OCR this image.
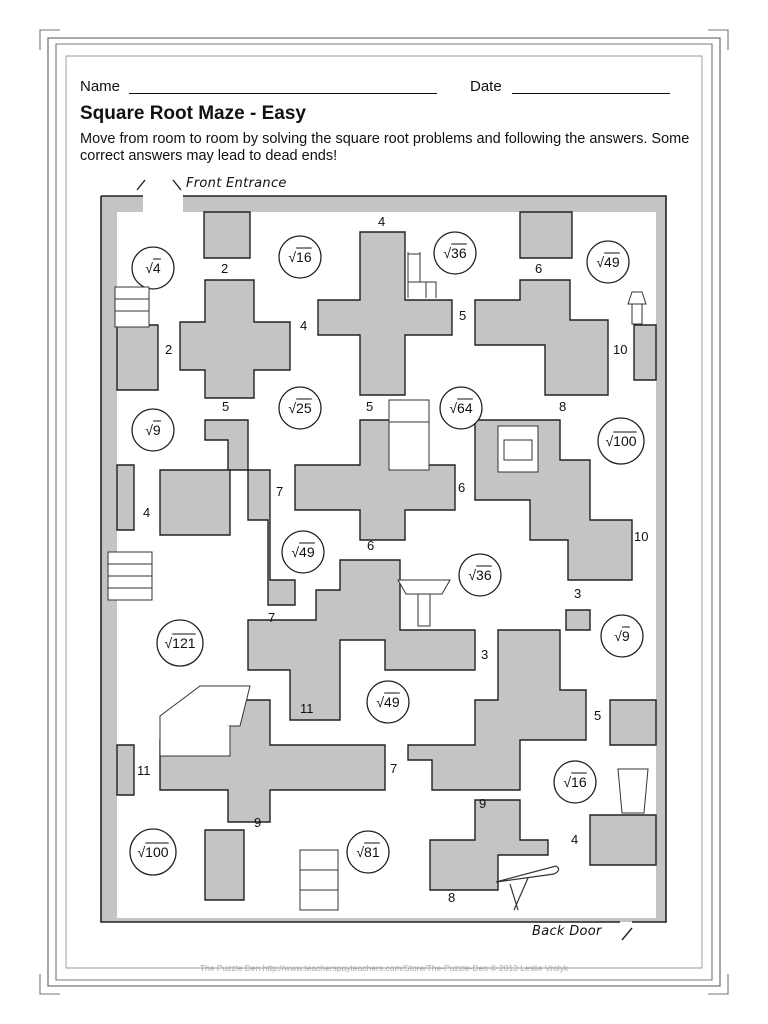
Name	Date
Square Root Maze - Easy
Move from room to room by solving the square root problems and following the answers. Some correct answers may lead to dead ends!
Front Entrance
Back Door
4
2
4
5
6
2	10
5	5	8
7	6
4
10
6
3
7
3
11	5
11	7
9
9
4
8
√4
√16	√36
√49
√9
√25	√64
√100
√49
√36
√121	√9
√49
√16
√100	√81
The Puzzle Den http://www.teacherspayteachers.com/Store/The-Puzzle-Den © 2013 Leslie Vrolyk
